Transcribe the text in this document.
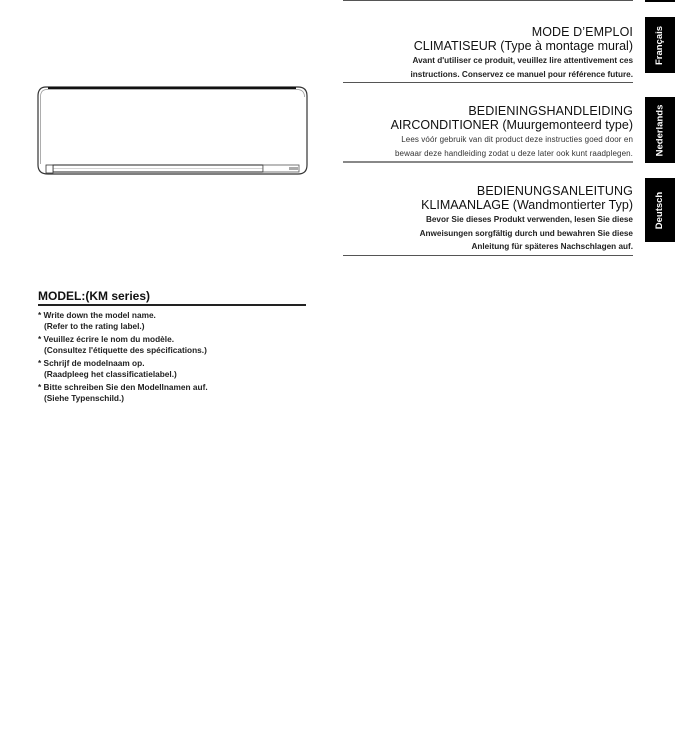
Français
Nederlands
Deutsch
MODE D’EMPLOI
CLIMATISEUR (Type à montage mural)
Avant d'utiliser ce produit, veuillez lire attentivement ces
instructions. Conservez ce manuel pour référence future.
BEDIENINGSHANDLEIDING
AIRCONDITIONER (Muurgemonteerd type)
Lees vóór gebruik van dit product deze instructies goed door en
bewaar deze handleiding zodat u deze later ook kunt raadplegen.
BEDIENUNGSANLEITUNG
KLIMAANLAGE (Wandmontierter Typ)
Bevor Sie dieses Produkt verwenden, lesen Sie diese
Anweisungen sorgfältig durch und bewahren Sie diese
Anleitung für späteres Nachschlagen auf.
MODEL:(KM series)
* Write down the model name.
(Refer to the rating label.)
* Veuillez écrire le nom du modèle.
(Consultez l'étiquette des spécifications.)
* Schrijf de modelnaam op.
(Raadpleeg het classificatielabel.)
* Bitte schreiben Sie den Modellnamen auf.
(Siehe Typenschild.)
